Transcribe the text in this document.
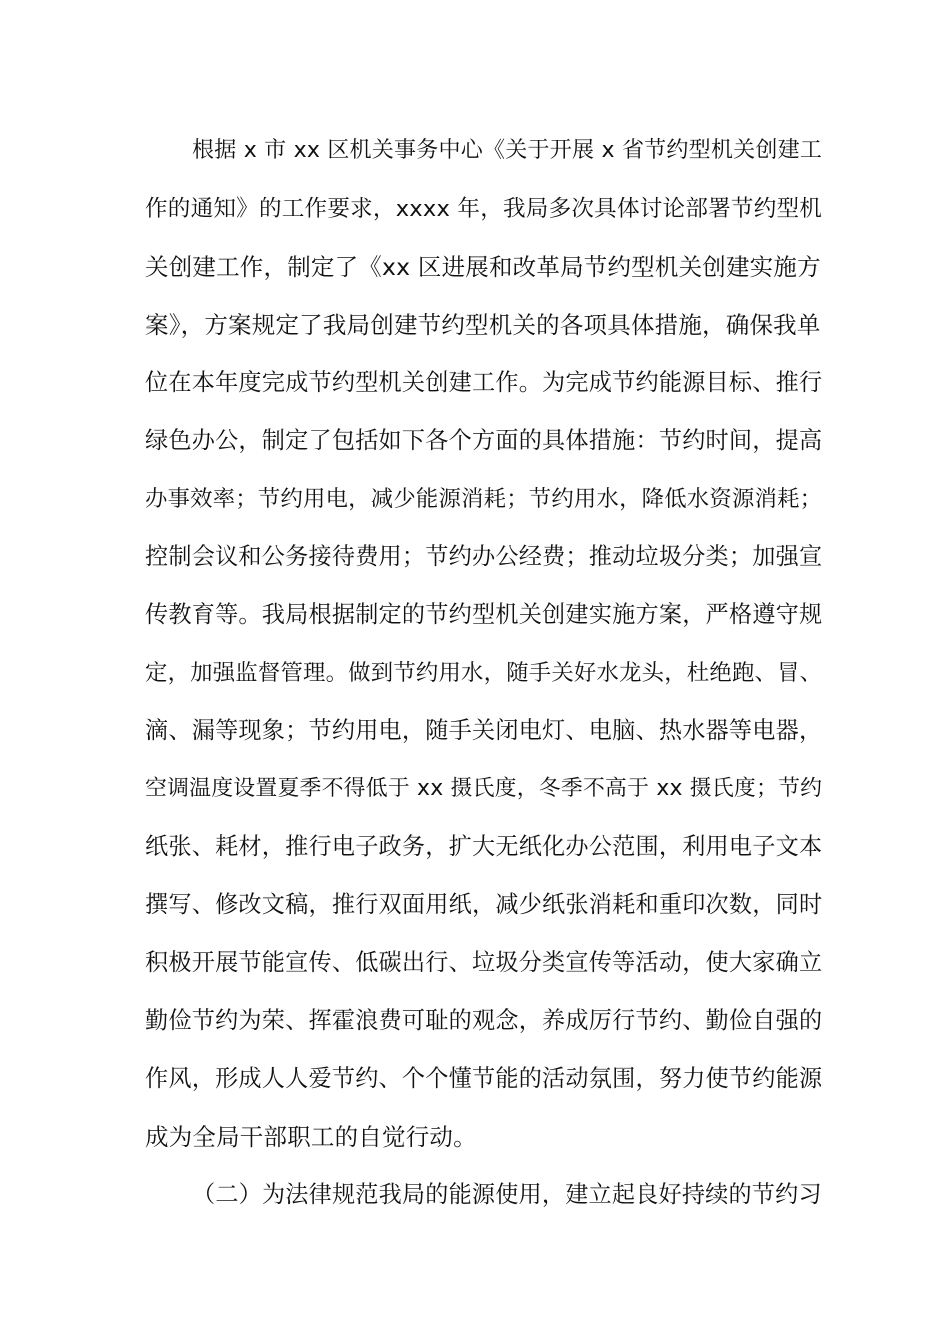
根据 x 市 xx 区机关事务中心《关于开展 x 省节约型机关创建工
作的通知》的工作要求，xxxx 年，我局多次具体讨论部署节约型机
关创建工作，制定了《xx 区进展和改革局节约型机关创建实施方
案》，方案规定了我局创建节约型机关的各项具体措施，确保我单
位在本年度完成节约型机关创建工作。为完成节约能源目标、推行
绿色办公，制定了包括如下各个方面的具体措施：节约时间，提高
办事效率；节约用电，减少能源消耗；节约用水，降低水资源消耗；
控制会议和公务接待费用；节约办公经费；推动垃圾分类；加强宣
传教育等。我局根据制定的节约型机关创建实施方案，严格遵守规
定，加强监督管理。做到节约用水，随手关好水龙头，杜绝跑、冒、
滴、漏等现象；节约用电，随手关闭电灯、电脑、热水器等电器，
空调温度设置夏季不得低于 xx 摄氏度，冬季不高于 xx 摄氏度；节约
纸张、耗材，推行电子政务，扩大无纸化办公范围，利用电子文本
撰写、修改文稿，推行双面用纸，减少纸张消耗和重印次数，同时
积极开展节能宣传、低碳出行、垃圾分类宣传等活动，使大家确立
勤俭节约为荣、挥霍浪费可耻的观念，养成厉行节约、勤俭自强的
作风，形成人人爱节约、个个懂节能的活动氛围，努力使节约能源
成为全局干部职工的自觉行动。
（二）为法律规范我局的能源使用，建立起良好持续的节约习
